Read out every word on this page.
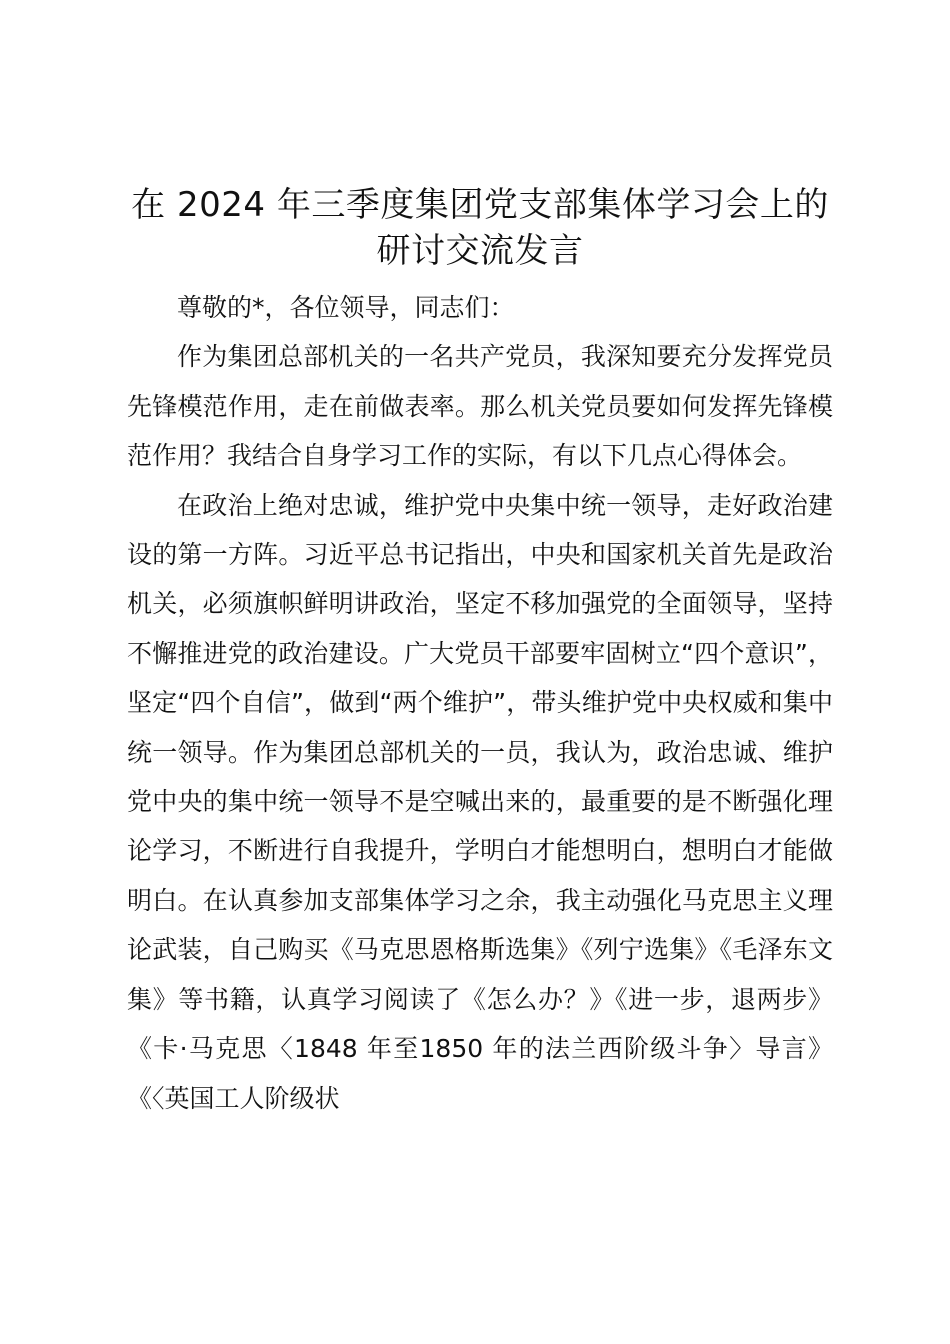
在 2024 年三季度集团党支部集体学习会上的
研讨交流发言

尊敬的*，各位领导，同志们：

作为集团总部机关的一名共产党员，我深知要充分发挥党员先锋模范作用，走在前做表率。那么机关党员要如何发挥先锋模范作用？我结合自身学习工作的实际，有以下几点心得体会。

在政治上绝对忠诚，维护党中央集中统一领导，走好政治建设的第一方阵。习近平总书记指出，中央和国家机关首先是政治机关，必须旗帜鲜明讲政治，坚定不移加强党的全面领导，坚持不懈推进党的政治建设。广大党员干部要牢固树立“四个意识”，坚定“四个自信”，做到“两个维护”，带头维护党中央权威和集中统一领导。作为集团总部机关的一员，我认为，政治忠诚、维护党中央的集中统一领导不是空喊出来的，最重要的是不断强化理论学习，不断进行自我提升，学明白才能想明白，想明白才能做明白。在认真参加支部集体学习之余，我主动强化马克思主义理论武装，自己购买《马克思恩格斯选集》《列宁选集》《毛泽东文集》等书籍，认真学习阅读了《怎么办？》《进一步，退两步》《卡·马克思〈1848 年至1850 年的法兰西阶级斗争〉导言》《〈英国工人阶级状
